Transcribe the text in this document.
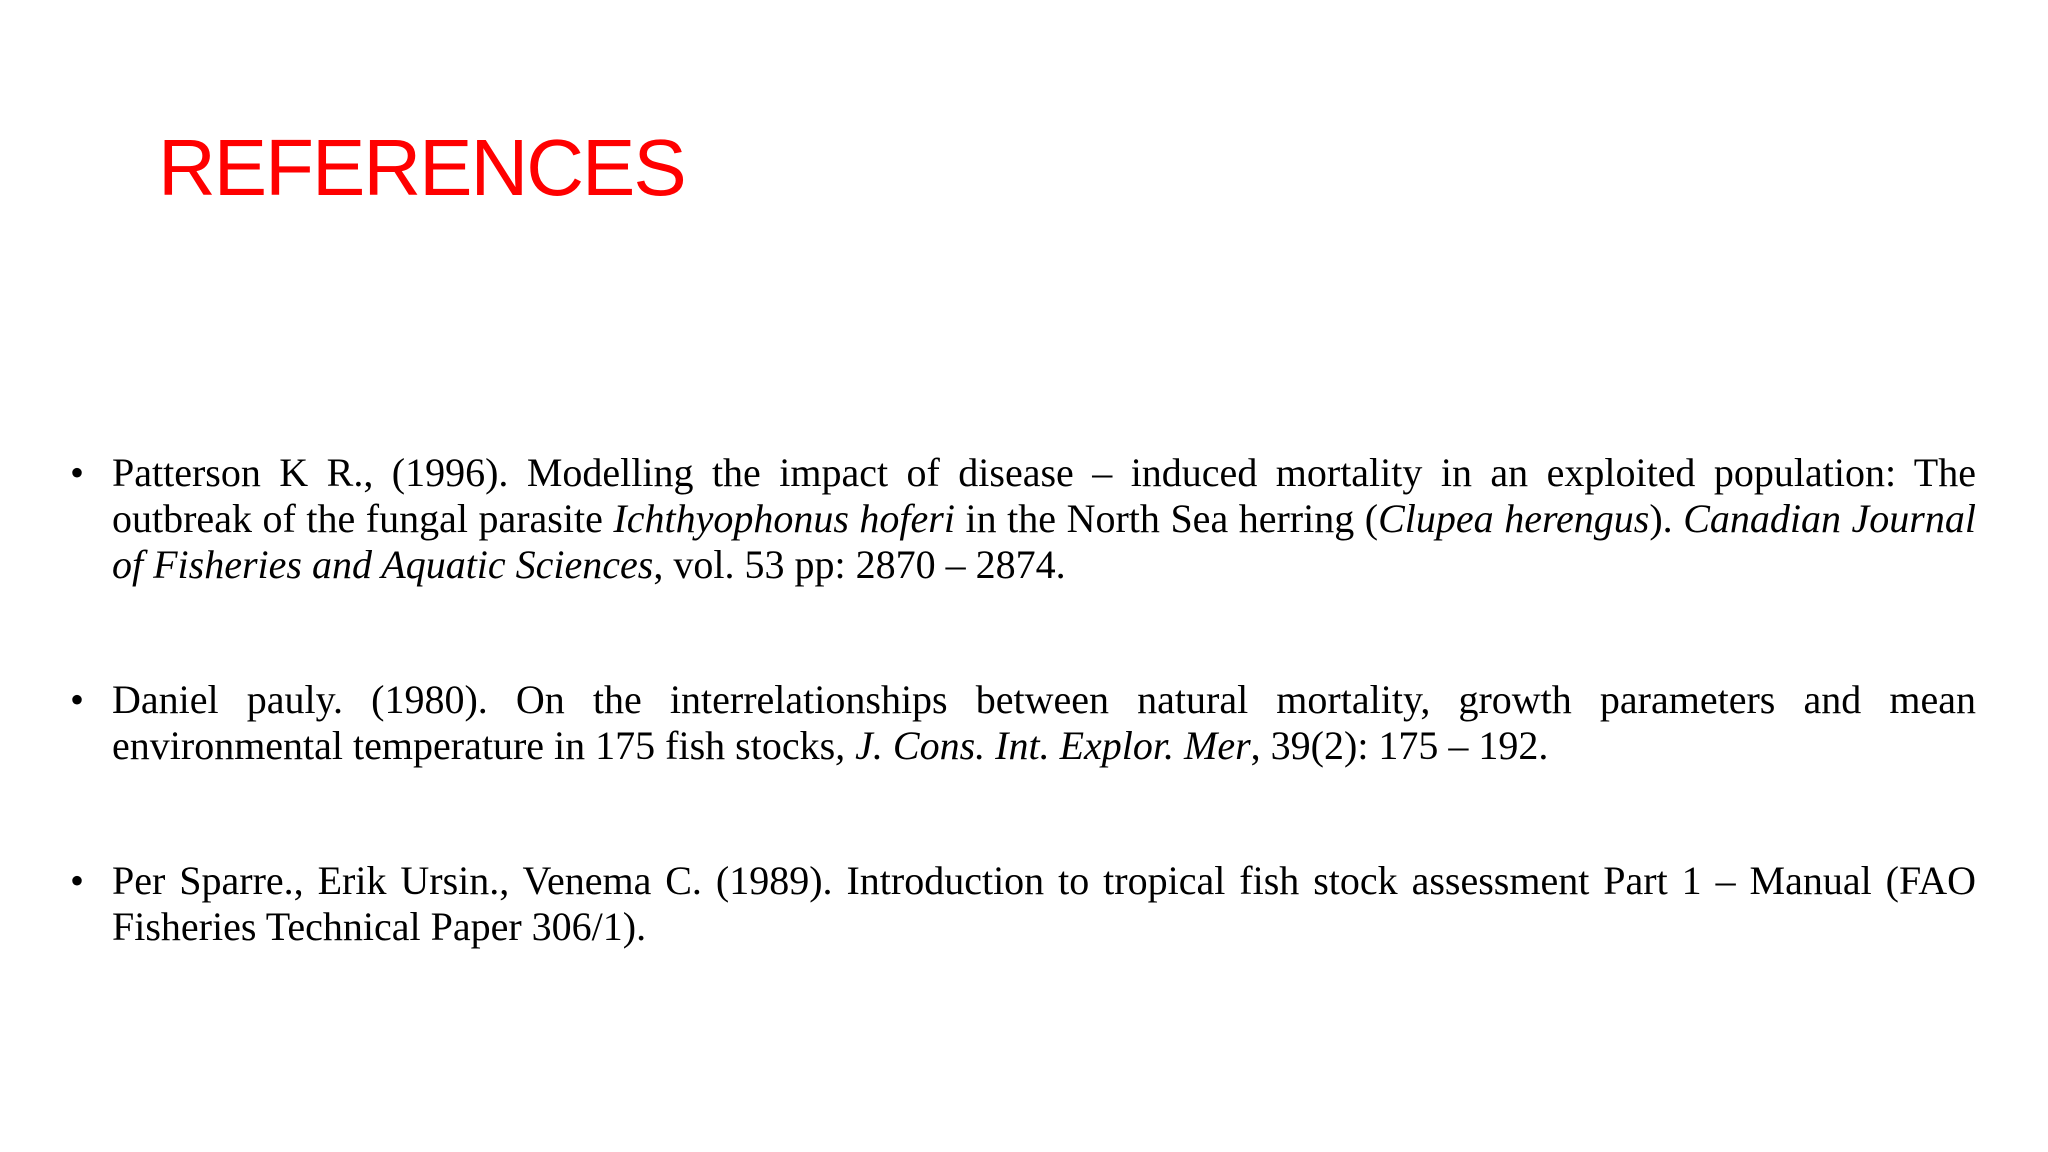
REFERENCES
• Patterson K R., (1996). Modelling the impact of disease – induced mortality in an exploited population: The outbreak of the fungal parasite Ichthyophonus hoferi in the North Sea herring (Clupea herengus). Canadian Journal of Fisheries and Aquatic Sciences, vol. 53 pp: 2870 – 2874.
• Daniel pauly. (1980). On the interrelationships between natural mortality, growth parameters and mean environmental temperature in 175 fish stocks, J. Cons. Int. Explor. Mer, 39(2): 175 – 192.
• Per Sparre., Erik Ursin., Venema C. (1989). Introduction to tropical fish stock assessment Part 1 – Manual (FAO Fisheries Technical Paper 306/1).
